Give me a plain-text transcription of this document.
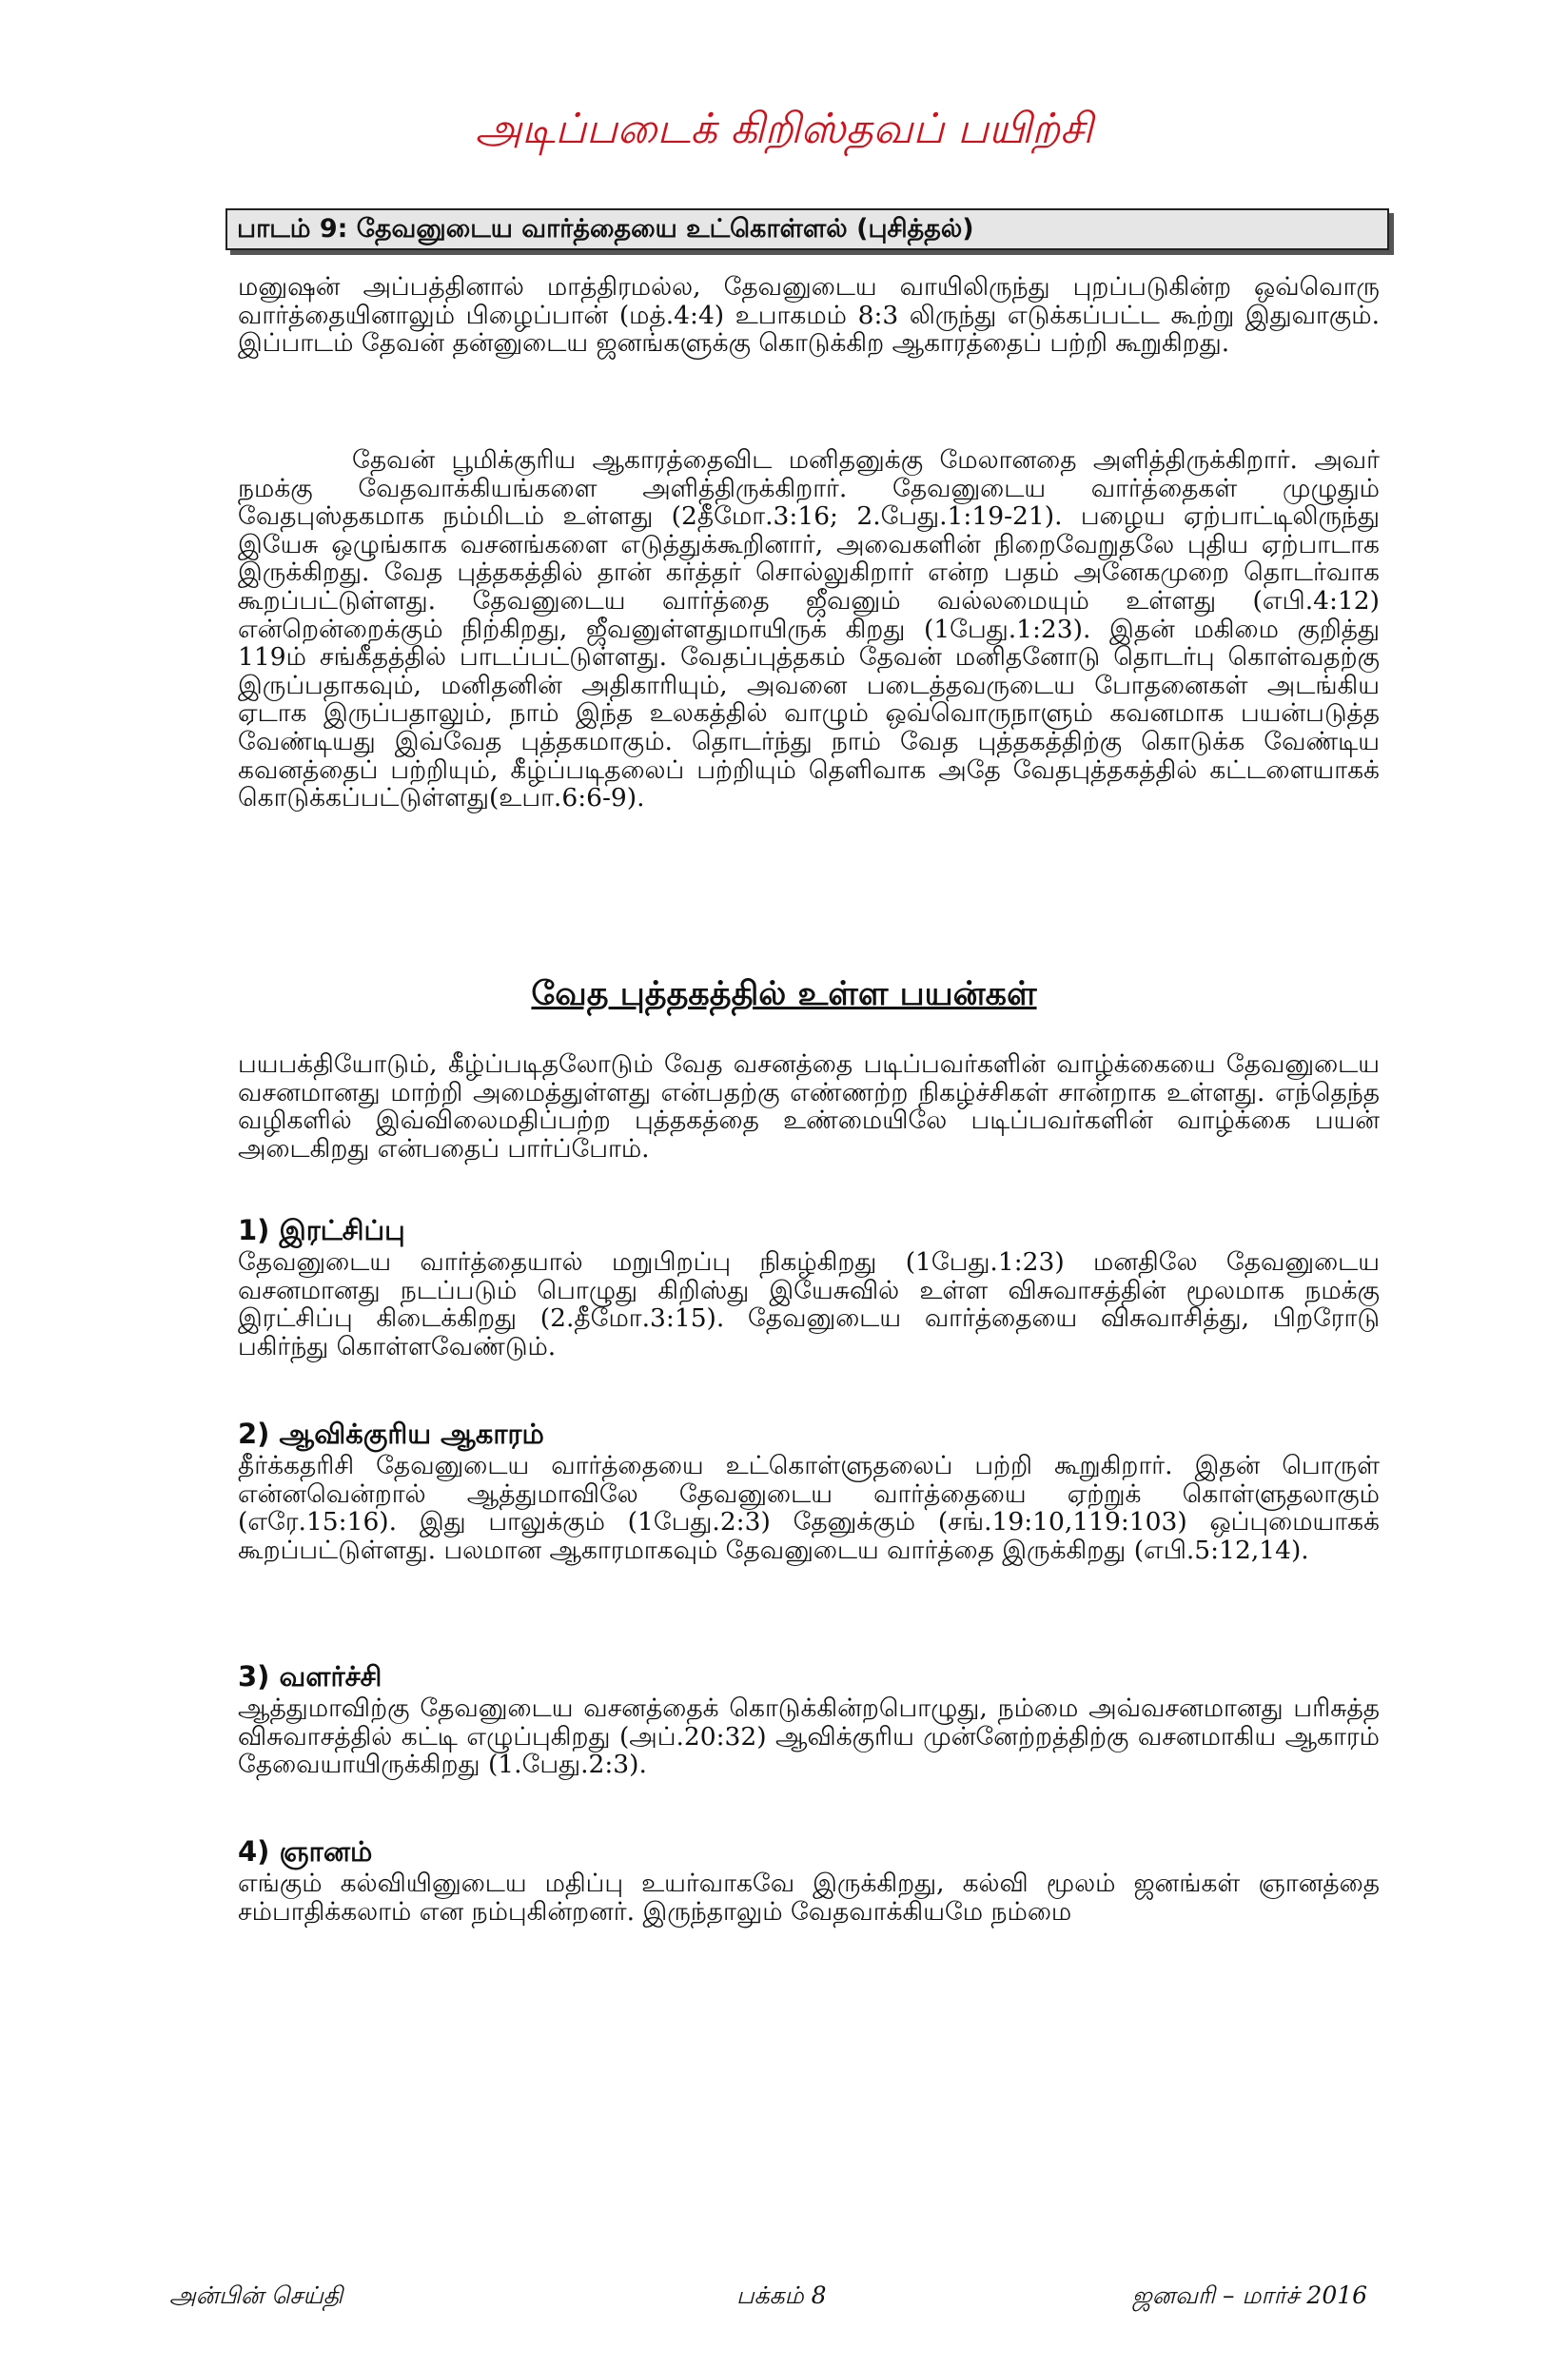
அடிப்படைக் கிறிஸ்தவப் பயிற்சி
பாடம் 9: தேவனுடைய வார்த்தையை உட்கொள்ளல் (புசித்தல்)

மனுஷன் அப்பத்தினால் மாத்திரமல்ல, தேவனுடைய வாயிலிருந்து புறப்படுகின்ற ஒவ்வொரு வார்த்தையினாலும் பிழைப்பான் (மத்.4:4) உபாகமம் 8:3 லிருந்து எடுக்கப்பட்ட கூற்று இதுவாகும். இப்பாடம் தேவன் தன்னுடைய ஜனங்களுக்கு கொடுக்கிற ஆகாரத்தைப் பற்றி கூறுகிறது.

தேவன் பூமிக்குரிய ஆகாரத்தைவிட மனிதனுக்கு மேலானதை அளித்திருக்கிறார். அவர் நமக்கு வேதவாக்கியங்களை அளித்திருக்கிறார். தேவனுடைய வார்த்தைகள் முழுதும் வேதபுஸ்தகமாக நம்மிடம் உள்ளது (2தீமோ.3:16; 2.பேது.1:19-21). பழைய ஏற்பாட்டிலிருந்து இயேசு ஒழுங்காக வசனங்களை எடுத்துக்கூறினார், அவைகளின் நிறைவேறுதலே புதிய ஏற்பாடாக இருக்கிறது. வேத புத்தகத்தில் தான் கர்த்தர் சொல்லுகிறார் என்ற பதம் அனேகமுறை தொடர்வாக கூறப்பட்டுள்ளது. தேவனுடைய வார்த்தை ஜீவனும் வல்லமையும் உள்ளது (எபி.4:12) என்றென்றைக்கும் நிற்கிறது, ஜீவனுள்ளதுமாயிருக் கிறது (1பேது.1:23). இதன் மகிமை குறித்து 119ம் சங்கீதத்தில் பாடப்பட்டுள்ளது. வேதப்புத்தகம் தேவன் மனிதனோடு தொடர்பு கொள்வதற்கு இருப்பதாகவும், மனிதனின் அதிகாரியும், அவனை படைத்தவருடைய போதனைகள் அடங்கிய ஏடாக இருப்பதாலும், நாம் இந்த உலகத்தில் வாழும் ஒவ்வொருநாளும் கவனமாக பயன்படுத்த வேண்டியது இவ்வேத புத்தகமாகும். தொடர்ந்து நாம் வேத புத்தகத்திற்கு கொடுக்க வேண்டிய கவனத்தைப் பற்றியும், கீழ்ப்படிதலைப் பற்றியும் தெளிவாக அதே வேதபுத்தகத்தில் கட்டளையாகக் கொடுக்கப்பட்டுள்ளது(உபா.6:6-9).

வேத புத்தகத்தில் உள்ள பயன்கள்

பயபக்தியோடும், கீழ்ப்படிதலோடும் வேத வசனத்தை படிப்பவர்களின் வாழ்க்கையை தேவனுடைய வசனமானது மாற்றி அமைத்துள்ளது என்பதற்கு எண்ணற்ற நிகழ்ச்சிகள் சான்றாக உள்ளது. எந்தெந்த வழிகளில் இவ்விலைமதிப்பற்ற புத்தகத்தை உண்மையிலே படிப்பவர்களின் வாழ்க்கை பயன் அடைகிறது என்பதைப் பார்ப்போம்.

1) இரட்சிப்பு

தேவனுடைய வார்த்தையால் மறுபிறப்பு நிகழ்கிறது (1பேது.1:23) மனதிலே தேவனுடைய வசனமானது நடப்படும் பொழுது கிறிஸ்து இயேசுவில் உள்ள விசுவாசத்தின் மூலமாக நமக்கு இரட்சிப்பு கிடைக்கிறது (2.தீமோ.3:15). தேவனுடைய வார்த்தையை விசுவாசித்து, பிறரோடு பகிர்ந்து கொள்ளவேண்டும்.

2) ஆவிக்குரிய ஆகாரம்

தீர்க்கதரிசி தேவனுடைய வார்த்தையை உட்கொள்ளுதலைப் பற்றி கூறுகிறார். இதன் பொருள் என்னவென்றால் ஆத்துமாவிலே தேவனுடைய வார்த்தையை ஏற்றுக் கொள்ளுதலாகும் (எரே.15:16). இது பாலுக்கும் (1பேது.2:3) தேனுக்கும் (சங்.19:10,119:103) ஒப்புமையாகக் கூறப்பட்டுள்ளது. பலமான ஆகாரமாகவும் தேவனுடைய வார்த்தை இருக்கிறது (எபி.5:12,14).

3) வளர்ச்சி

ஆத்துமாவிற்கு தேவனுடைய வசனத்தைக் கொடுக்கின்றபொழுது, நம்மை அவ்வசனமானது பரிசுத்த விசுவாசத்தில் கட்டி எழுப்புகிறது (அப்.20:32) ஆவிக்குரிய முன்னேற்றத்திற்கு வசனமாகிய ஆகாரம் தேவையாயிருக்கிறது (1.பேது.2:3).

4) ஞானம்

எங்கும் கல்வியினுடைய மதிப்பு உயர்வாகவே இருக்கிறது, கல்வி மூலம் ஜனங்கள் ஞானத்தை சம்பாதிக்கலாம் என நம்புகின்றனர். இருந்தாலும் வேதவாக்கியமே நம்மை

அன்பின் செய்தி	பக்கம் 8	ஜனவரி – மார்ச் 2016
